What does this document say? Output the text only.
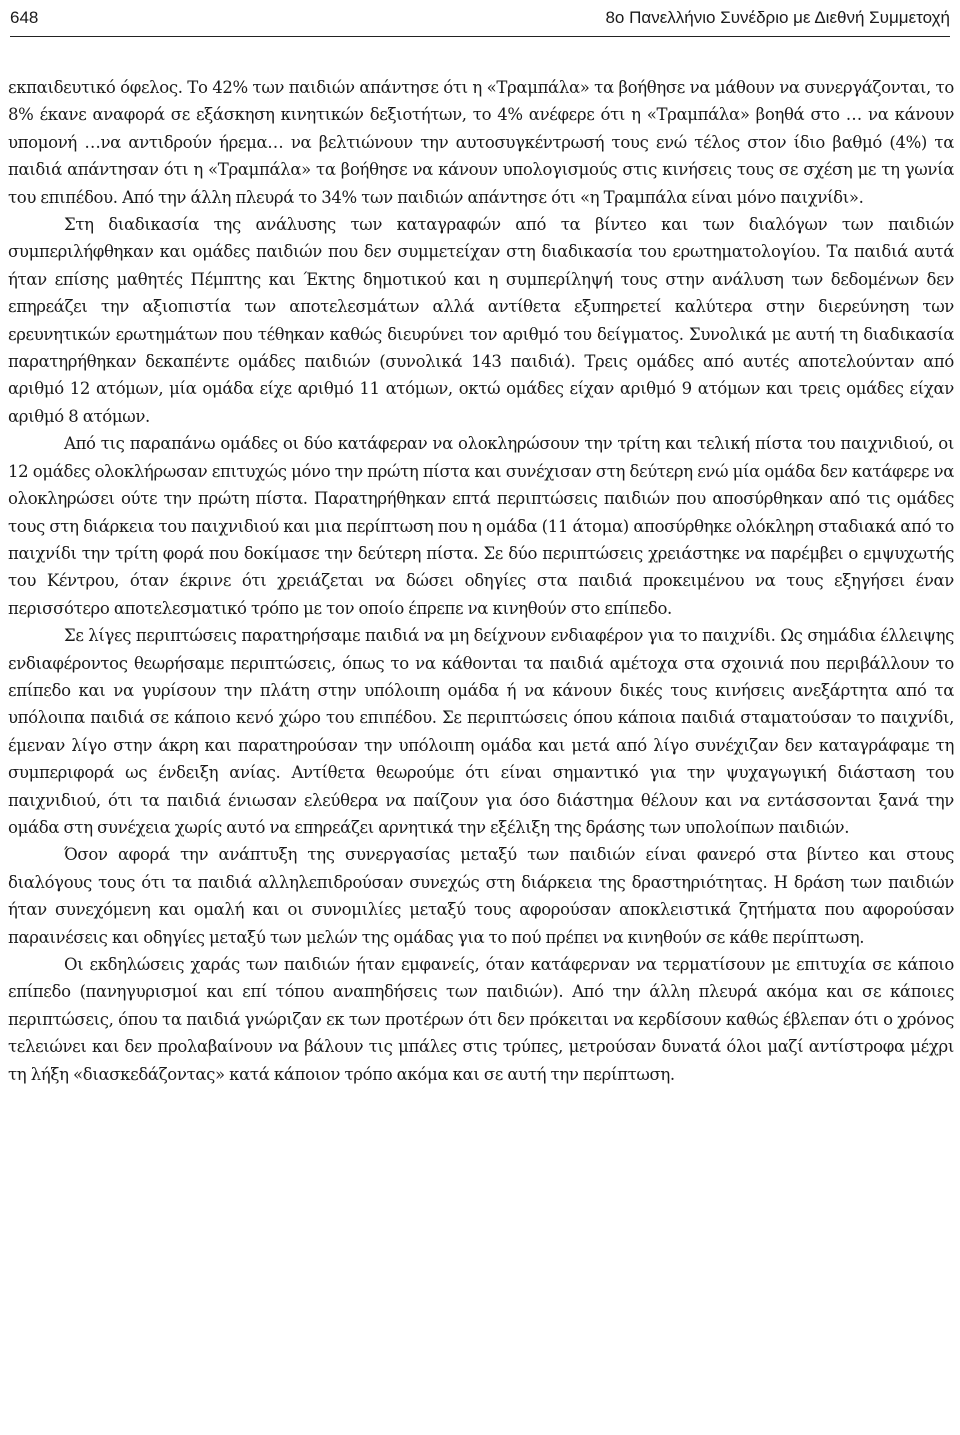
648	8ο Πανελλήνιο Συνέδριο με Διεθνή Συμμετοχή

εκπαιδευτικό όφελος. Το 42% των παιδιών απάντησε ότι η «Τραμπάλα» τα βοήθησε να μάθουν να συνεργάζονται, το 8% έκανε αναφορά σε εξάσκηση κινητικών δεξιοτήτων, το 4% ανέφερε ότι η «Τραμπάλα» βοηθά στο … να κάνουν υπομονή …να αντιδρούν ήρεμα… να βελτιώνουν την αυτοσυγκέντρωσή τους ενώ τέλος στον ίδιο βαθμό (4%) τα παιδιά απάντησαν ότι η «Τραμπάλα» τα βοήθησε να κάνουν υπολογισμούς στις κινήσεις τους σε σχέση με τη γωνία του επιπέδου. Από την άλλη πλευρά το 34% των παιδιών απάντησε ότι «η Τραμπάλα είναι μόνο παιχνίδι».

Στη διαδικασία της ανάλυσης των καταγραφών από τα βίντεο και των διαλόγων των παιδιών συμπεριλήφθηκαν και ομάδες παιδιών που δεν συμμετείχαν στη διαδικασία του ερωτηματολογίου. Τα παιδιά αυτά ήταν επίσης μαθητές Πέμπτης και Έκτης δημοτικού και η συμπερίληψή τους στην ανάλυση των δεδομένων δεν επηρεάζει την αξιοπιστία των αποτελεσμάτων αλλά αντίθετα εξυπηρετεί καλύτερα στην διερεύνηση των ερευνητικών ερωτημάτων που τέθηκαν καθώς διευρύνει τον αριθμό του δείγματος. Συνολικά με αυτή τη διαδικασία παρατηρήθηκαν δεκαπέντε ομάδες παιδιών (συνολικά 143 παιδιά). Τρεις ομάδες από αυτές αποτελούνταν από αριθμό 12 ατόμων, μία ομάδα είχε αριθμό 11 ατόμων, οκτώ ομάδες είχαν αριθμό 9 ατόμων και τρεις ομάδες είχαν αριθμό 8 ατόμων.

Από τις παραπάνω ομάδες οι δύο κατάφεραν να ολοκληρώσουν την τρίτη και τελική πίστα του παιχνιδιού, οι 12 ομάδες ολοκλήρωσαν επιτυχώς μόνο την πρώτη πίστα και συνέχισαν στη δεύτερη ενώ μία ομάδα δεν κατάφερε να ολοκληρώσει ούτε την πρώτη πίστα. Παρατηρήθηκαν επτά περιπτώσεις παιδιών που αποσύρθηκαν από τις ομάδες τους στη διάρκεια του παιχνιδιού και μια περίπτωση που η ομάδα (11 άτομα) αποσύρθηκε ολόκληρη σταδιακά από το παιχνίδι την τρίτη φορά που δοκίμασε την δεύτερη πίστα. Σε δύο περιπτώσεις χρειάστηκε να παρέμβει ο εμψυχωτής του Κέντρου, όταν έκρινε ότι χρειάζεται να δώσει οδηγίες στα παιδιά προκειμένου να τους εξηγήσει έναν περισσότερο αποτελεσματικό τρόπο με τον οποίο έπρεπε να κινηθούν στο επίπεδο.

Σε λίγες περιπτώσεις παρατηρήσαμε παιδιά να μη δείχνουν ενδιαφέρον για το παιχνίδι. Ως σημάδια έλλειψης ενδιαφέροντος θεωρήσαμε περιπτώσεις, όπως το να κάθονται τα παιδιά αμέτοχα στα σχοινιά που περιβάλλουν το επίπεδο και να γυρίσουν την πλάτη στην υπόλοιπη ομάδα ή να κάνουν δικές τους κινήσεις ανεξάρτητα από τα υπόλοιπα παιδιά σε κάποιο κενό χώρο του επιπέδου. Σε περιπτώσεις όπου κάποια παιδιά σταματούσαν το παιχνίδι, έμεναν λίγο στην άκρη και παρατηρούσαν την υπόλοιπη ομάδα και μετά από λίγο συνέχιζαν δεν καταγράφαμε τη συμπεριφορά ως ένδειξη ανίας. Αντίθετα θεωρούμε ότι είναι σημαντικό για την ψυχαγωγική διάσταση του παιχνιδιού, ότι τα παιδιά ένιωσαν ελεύθερα να παίζουν για όσο διάστημα θέλουν και να εντάσσονται ξανά την ομάδα στη συνέχεια χωρίς αυτό να επηρεάζει αρνητικά την εξέλιξη της δράσης των υπολοίπων παιδιών.

Όσον αφορά την ανάπτυξη της συνεργασίας μεταξύ των παιδιών είναι φανερό στα βίντεο και στους διαλόγους τους ότι τα παιδιά αλληλεπιδρούσαν συνεχώς στη διάρκεια της δραστηριότητας. Η δράση των παιδιών ήταν συνεχόμενη και ομαλή και οι συνομιλίες μεταξύ τους αφορούσαν αποκλειστικά ζητήματα που αφορούσαν παραινέσεις και οδηγίες μεταξύ των μελών της ομάδας για το πού πρέπει να κινηθούν σε κάθε περίπτωση.

Οι εκδηλώσεις χαράς των παιδιών ήταν εμφανείς, όταν κατάφερναν να τερματίσουν με επιτυχία σε κάποιο επίπεδο (πανηγυρισμοί και επί τόπου αναπηδήσεις των παιδιών). Από την άλλη πλευρά ακόμα και σε κάποιες περιπτώσεις, όπου τα παιδιά γνώριζαν εκ των προτέρων ότι δεν πρόκειται να κερδίσουν καθώς έβλεπαν ότι ο χρόνος τελειώνει και δεν προλαβαίνουν να βάλουν τις μπάλες στις τρύπες, μετρούσαν δυνατά όλοι μαζί αντίστροφα μέχρι τη λήξη «διασκεδάζοντας» κατά κάποιον τρόπο ακόμα και σε αυτή την περίπτωση.
